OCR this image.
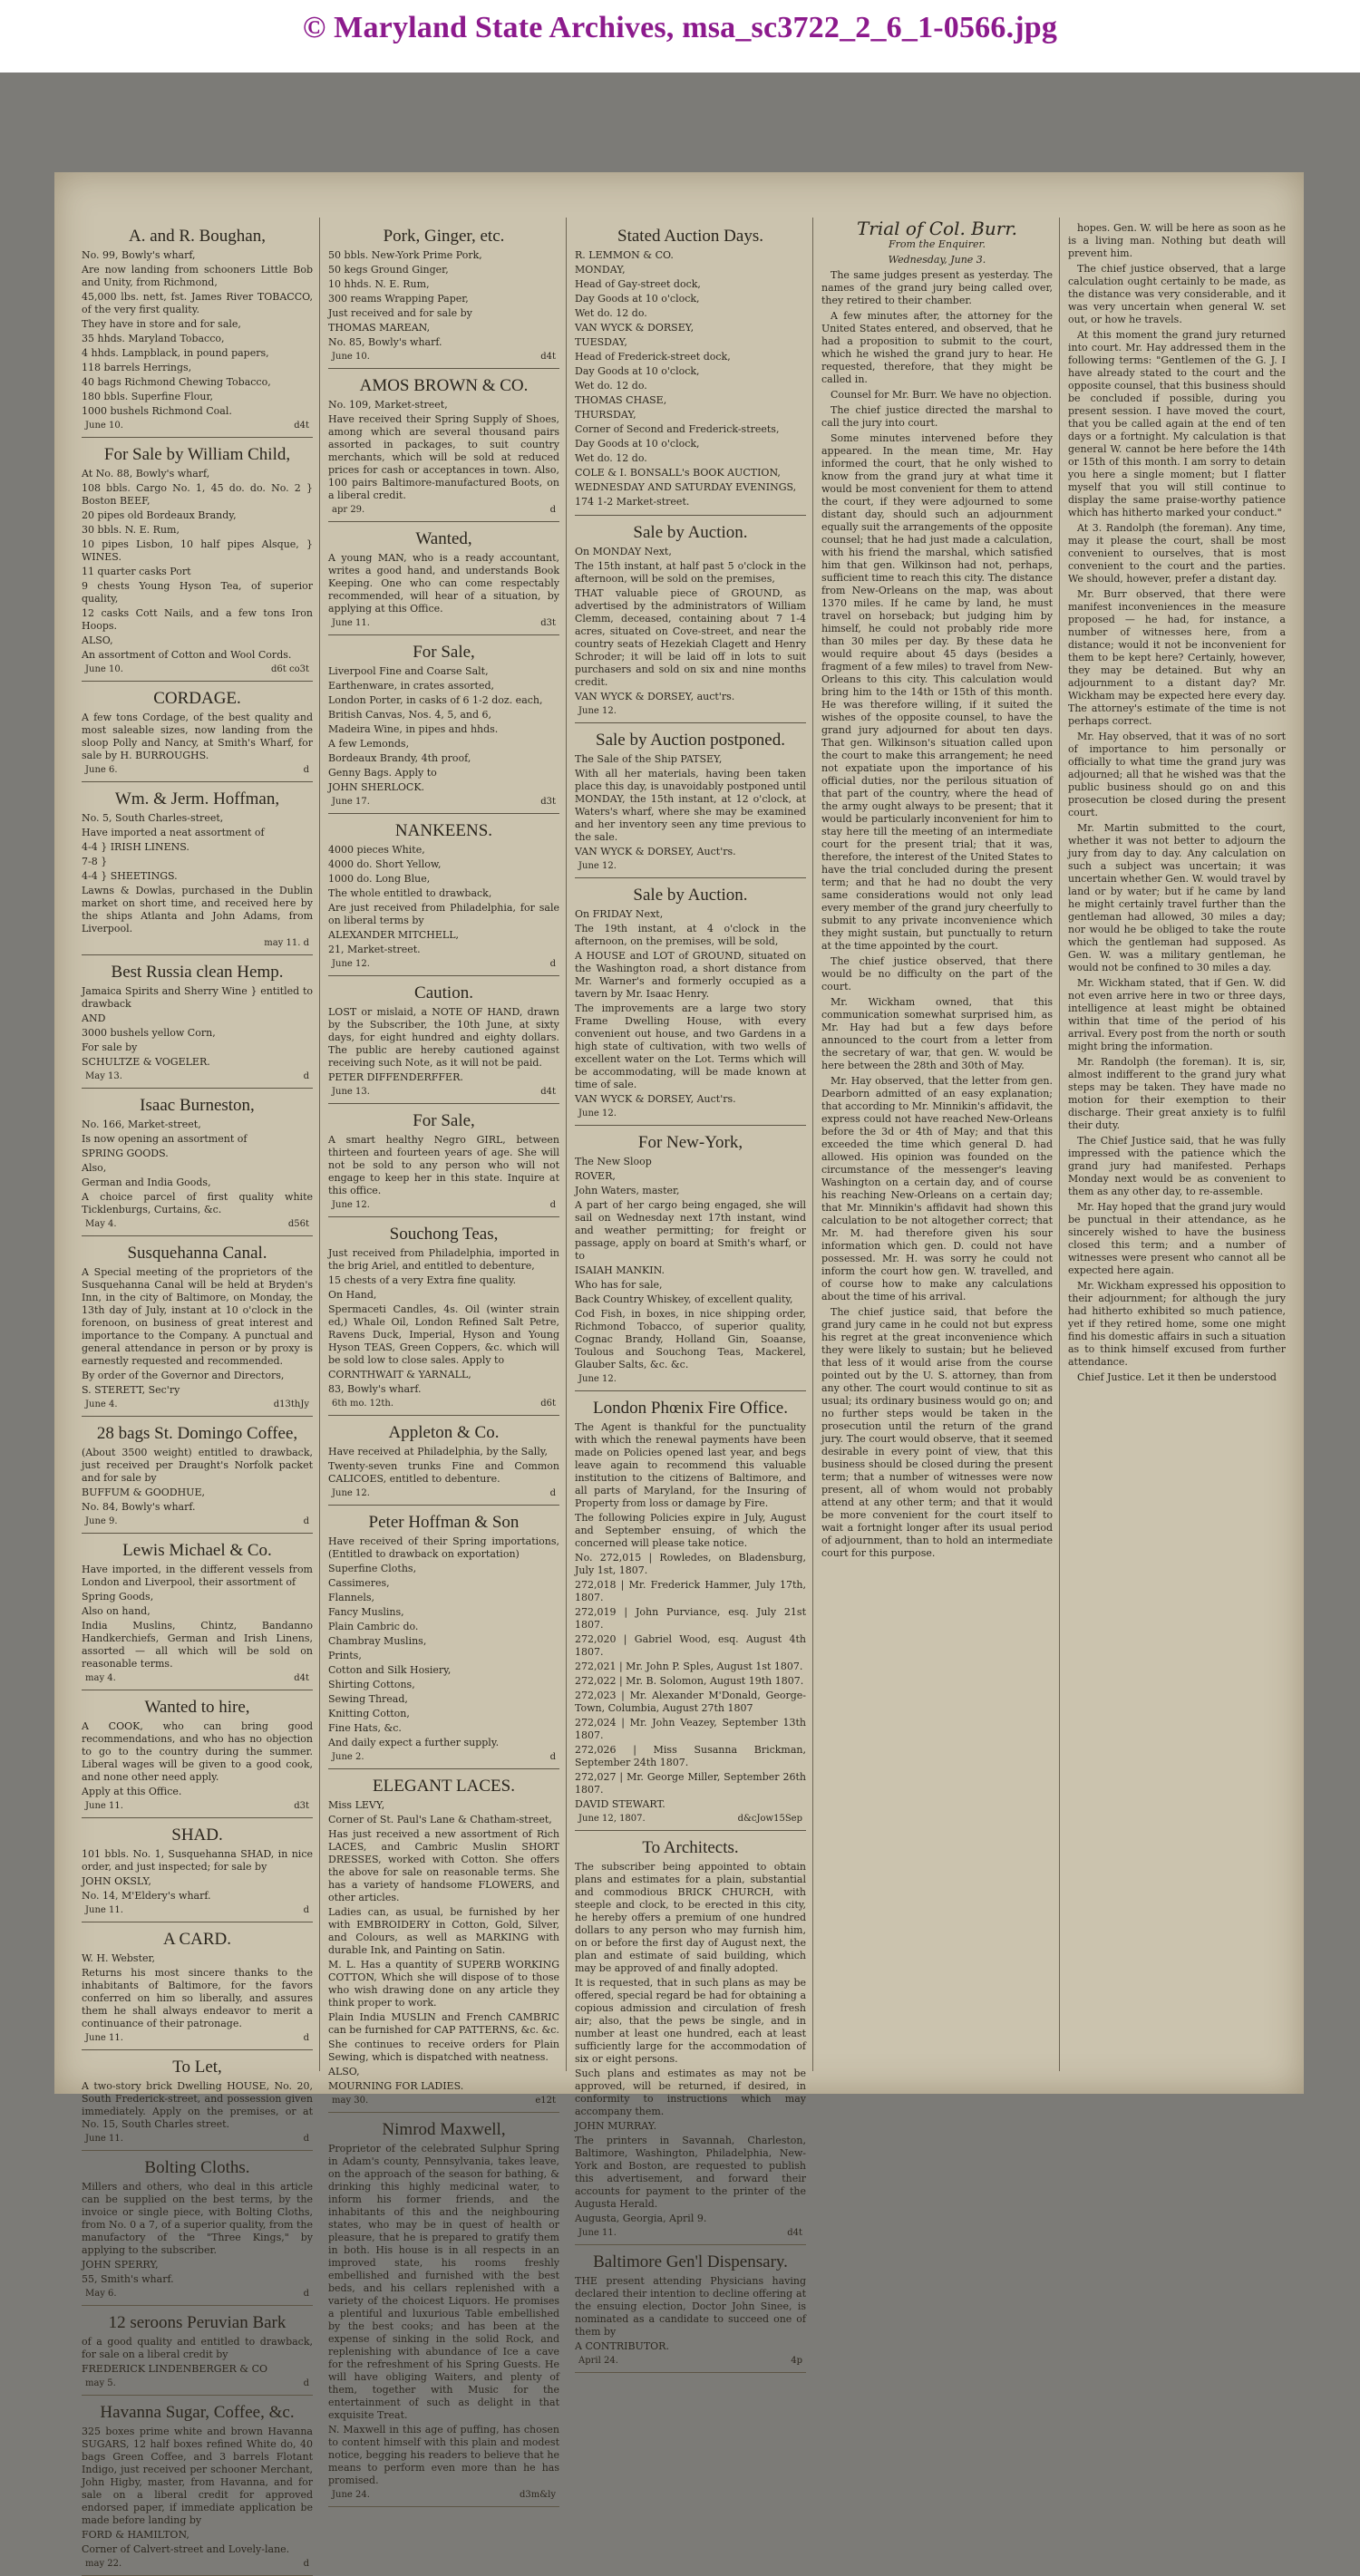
© Maryland State Archives, msa_sc3722_2_6_1-0566.jpg
A. and R. Boughan,

No. 99, Bowly's wharf,

Are now landing from schooners Little Bob and Unity, from Richmond,

45,000 lbs. nett, fst. James River TOBACCO, of the very first quality.

They have in store and for sale,

35 hhds. Maryland Tobacco,

4 hhds. Lampblack, in pound papers,

118 barrels Herrings,

40 bags Richmond Chewing Tobacco,

180 bbls. Superfine Flour,

1000 bushels Richmond Coal.

June 10.	d4t
For Sale by William Child,

At No. 88, Bowly's wharf,

108 bbls. Cargo No. 1, 45 do. do. No. 2 } Boston BEEF,

20 pipes old Bordeaux Brandy,

30 bbls. N. E. Rum,

10 pipes Lisbon, 10 half pipes Alsque, } WINES.

11 quarter casks Port

9 chests Young Hyson Tea, of superior quality,

12 casks Cott Nails, and a few tons Iron Hoops.

ALSO,

An assortment of Cotton and Wool Cords.

June 10.	d6t co3t
CORDAGE.

A few tons Cordage, of the best quality and most saleable sizes, now landing from the sloop Polly and Nancy, at Smith's Wharf, for sale by H. BURROUGHS.

June 6.	d
Wm. & Jerm. Hoffman,

No. 5, South Charles-street,

Have imported a neat assortment of

4-4 } IRISH LINENS.

7-8 }

4-4 } SHEETINGS.

Lawns & Dowlas, purchased in the Dublin market on short time, and received here by the ships Atlanta and John Adams, from Liverpool.

may 11. d
Best Russia clean Hemp.

Jamaica Spirits and Sherry Wine } entitled to drawback

AND

3000 bushels yellow Corn,

For sale by

SCHULTZE & VOGELER.

May 13.	d
Isaac Burneston,

No. 166, Market-street,

Is now opening an assortment of

SPRING GOODS.

Also,

German and India Goods,

A choice parcel of first quality white Ticklenburgs, Curtains, &c.

May 4.	d56t
Susquehanna Canal.

A Special meeting of the proprietors of the Susquehanna Canal will be held at Bryden's Inn, in the city of Baltimore, on Monday, the 13th day of July, instant at 10 o'clock in the forenoon, on business of great interest and importance to the Company. A punctual and general attendance in person or by proxy is earnestly requested and recommended.

By order of the Governor and Directors,

S. STERETT, Sec'ry

June 4.	d13thJy
28 bags St. Domingo Coffee,

(About 3500 weight) entitled to drawback, just received per Draught's Norfolk packet and for sale by

BUFFUM & GOODHUE,

No. 84, Bowly's wharf.

June 9.	d
Lewis Michael & Co.

Have imported, in the different vessels from London and Liverpool, their assortment of

Spring Goods,

Also on hand,

India Muslins, Chintz, Bandanno Handkerchiefs, German and Irish Linens, assorted — all which will be sold on reasonable terms.

may 4.	d4t
Wanted to hire,

A COOK, who can bring good recommendations, and who has no objection to go to the country during the summer. Liberal wages will be given to a good cook, and none other need apply.

Apply at this Office.

June 11.	d3t
SHAD.

101 bbls. No. 1, Susquehanna SHAD, in nice order, and just inspected; for sale by

JOHN OKSLY,

No. 14, M'Eldery's wharf.

June 11.	d
A CARD.

W. H. Webster,

Returns his most sincere thanks to the inhabitants of Baltimore, for the favors conferred on him so liberally, and assures them he shall always endeavor to merit a continuance of their patronage.

June 11.	d
To Let,

A two-story brick Dwelling HOUSE, No. 20, South Frederick-street, and possession given immediately. Apply on the premises, or at No. 15, South Charles street.

June 11.	d
Bolting Cloths.

Millers and others, who deal in this article can be supplied on the best terms, by the invoice or single piece, with Bolting Cloths, from No. 0 a 7, of a superior quality, from the manufactory of the "Three Kings," by applying to the subscriber.

JOHN SPERRY,

55, Smith's wharf.

May 6.	d
12 seroons Peruvian Bark

of a good quality and entitled to drawback, for sale on a liberal credit by

FREDERICK LINDENBERGER & CO

may 5.	d
Havanna Sugar, Coffee, &c.

325 boxes prime white and brown Havanna SUGARS, 12 half boxes refined White do, 40 bags Green Coffee, and 3 barrels Flotant Indigo, just received per schooner Merchant, John Higby, master, from Havanna, and for sale on a liberal credit for approved endorsed paper, if immediate application be made before landing by

FORD & HAMILTON,

Corner of Calvert-street and Lovely-lane.

may 22.	d
Pork, Ginger, etc.

50 bbls. New-York Prime Pork,

50 kegs Ground Ginger,

10 hhds. N. E. Rum,

300 reams Wrapping Paper,

Just received and for sale by

THOMAS MAREAN,

No. 85, Bowly's wharf.

June 10.	d4t
AMOS BROWN & CO.

No. 109, Market-street,

Have received their Spring Supply of Shoes, among which are several thousand pairs assorted in packages, to suit country merchants, which will be sold at reduced prices for cash or acceptances in town. Also, 100 pairs Baltimore-manufactured Boots, on a liberal credit.

apr 29.	d
Wanted,

A young MAN, who is a ready accountant, writes a good hand, and understands Book Keeping. One who can come respectably recommended, will hear of a situation, by applying at this Office.

June 11.	d3t
For Sale,

Liverpool Fine and Coarse Salt,

Earthenware, in crates assorted,

London Porter, in casks of 6 1-2 doz. each,

British Canvas, Nos. 4, 5, and 6,

Madeira Wine, in pipes and hhds.

A few Lemonds,

Bordeaux Brandy, 4th proof,

Genny Bags. Apply to

JOHN SHERLOCK.

June 17.	d3t
NANKEENS.

4000 pieces White,

4000 do. Short Yellow,

1000 do. Long Blue,

The whole entitled to drawback,

Are just received from Philadelphia, for sale on liberal terms by

ALEXANDER MITCHELL,

21, Market-street.

June 12.	d
Caution.

LOST or mislaid, a NOTE OF HAND, drawn by the Subscriber, the 10th June, at sixty days, for eight hundred and eighty dollars. The public are hereby cautioned against receiving such Note, as it will not be paid.

PETER DIFFENDERFFER.

June 13.	d4t
For Sale,

A smart healthy Negro GIRL, between thirteen and fourteen years of age. She will not be sold to any person who will not engage to keep her in this state. Inquire at this office.

June 12.	d
Souchong Teas,

Just received from Philadelphia, imported in the brig Ariel, and entitled to debenture,

15 chests of a very Extra fine quality.

On Hand,

Spermaceti Candles, 4s. Oil (winter strain ed,) Whale Oil, London Refined Salt Petre, Ravens Duck, Imperial, Hyson and Young Hyson TEAS, Green Coppers, &c. which will be sold low to close sales. Apply to

CORNTHWAIT & YARNALL,

83, Bowly's wharf.

6th mo. 12th.	d6t
Appleton & Co.

Have received at Philadelphia, by the Sally,

Twenty-seven trunks Fine and Common CALICOES, entitled to debenture.

June 12.	d
Peter Hoffman & Son

Have received of their Spring importations, (Entitled to drawback on exportation)

Superfine Cloths,

Cassimeres,

Flannels,

Fancy Muslins,

Plain Cambric do.

Chambray Muslins,

Prints,

Cotton and Silk Hosiery,

Shirting Cottons,

Sewing Thread,

Knitting Cotton,

Fine Hats, &c.

And daily expect a further supply.

June 2.	d
ELEGANT LACES.

Miss LEVY,

Corner of St. Paul's Lane & Chatham-street,

Has just received a new assortment of Rich LACES, and Cambric Muslin SHORT DRESSES, worked with Cotton. She offers the above for sale on reasonable terms. She has a variety of handsome FLOWERS, and other articles.

Ladies can, as usual, be furnished by her with EMBROIDERY in Cotton, Gold, Silver, and Colours, as well as MARKING with durable Ink, and Painting on Satin.

M. L. Has a quantity of SUPERB WORKING COTTON, Which she will dispose of to those who wish drawing done on any article they think proper to work.

Plain India MUSLIN and French CAMBRIC can be furnished for CAP PATTERNS, &c. &c.

She continues to receive orders for Plain Sewing, which is dispatched with neatness.

ALSO,

MOURNING FOR LADIES.

may 30.	e12t
Nimrod Maxwell,

Proprietor of the celebrated Sulphur Spring in Adam's county, Pennsylvania, takes leave, on the approach of the season for bathing, & drinking this highly medicinal water, to inform his former friends, and the inhabitants of this and the neighbouring states, who may be in quest of health or pleasure, that he is prepared to gratify them in both. His house is in all respects in an improved state, his rooms freshly embellished and furnished with the best beds, and his cellars replenished with a variety of the choicest Liquors. He promises a plentiful and luxurious Table embellished by the best cooks; and has been at the expense of sinking in the solid Rock, and replenishing with abundance of Ice a cave for the refreshment of his Spring Guests. He will have obliging Waiters, and plenty of them, together with Music for the entertainment of such as delight in that exquisite Treat.

N. Maxwell in this age of puffing, has chosen to content himself with this plain and modest notice, begging his readers to believe that he means to perform even more than he has promised.

June 24.	d3m&ly
Stated Auction Days.

R. LEMMON & CO.

MONDAY,

Head of Gay-street dock,

Day Goods at 10 o'clock,

Wet do. 12 do.

VAN WYCK & DORSEY,

TUESDAY,

Head of Frederick-street dock,

Day Goods at 10 o'clock,

Wet do. 12 do.

THOMAS CHASE,

THURSDAY,

Corner of Second and Frederick-streets,

Day Goods at 10 o'clock,

Wet do. 12 do.

COLE & I. BONSALL's BOOK AUCTION,

WEDNESDAY AND SATURDAY EVENINGS,

174 1-2 Market-street.

Sale by Auction.

On MONDAY Next,

The 15th instant, at half past 5 o'clock in the afternoon, will be sold on the premises,

THAT valuable piece of GROUND, as advertised by the administrators of William Clemm, deceased, containing about 7 1-4 acres, situated on Cove-street, and near the country seats of Hezekiah Clagett and Henry Schroder; it will be laid off in lots to suit purchasers and sold on six and nine months credit.

VAN WYCK & DORSEY, auct'rs.

June 12.
Sale by Auction postponed.

The Sale of the Ship PATSEY,

With all her materials, having been taken place this day, is unavoidably postponed until MONDAY, the 15th instant, at 12 o'clock, at Waters's wharf, where she may be examined and her inventory seen any time previous to the sale.

VAN WYCK & DORSEY, Auct'rs.

June 12.
Sale by Auction.

On FRIDAY Next,

The 19th instant, at 4 o'clock in the afternoon, on the premises, will be sold,

A HOUSE and LOT of GROUND, situated on the Washington road, a short distance from Mr. Warner's and formerly occupied as a tavern by Mr. Isaac Henry.

The improvements are a large two story Frame Dwelling House, with every convenient out house, and two Gardens in a high state of cultivation, with two wells of excellent water on the Lot. Terms which will be accommodating, will be made known at time of sale.

VAN WYCK & DORSEY, Auct'rs.

June 12.
For New-York,

The New Sloop

ROVER,

John Waters, master,

A part of her cargo being engaged, she will sail on Wednesday next 17th instant, wind and weather permitting; for freight or passage, apply on board at Smith's wharf, or to

ISAIAH MANKIN.

Who has for sale,

Back Country Whiskey, of excellent quality,

Cod Fish, in boxes, in nice shipping order, Richmond Tobacco, of superior quality, Cognac Brandy, Holland Gin, Soaanse, Toulous and Souchong Teas, Mackerel, Glauber Salts, &c. &c.

June 12.
London Phœnix Fire Office.

The Agent is thankful for the punctuality with which the renewal payments have been made on Policies opened last year, and begs leave again to recommend this valuable institution to the citizens of Baltimore, and all parts of Maryland, for the Insuring of Property from loss or damage by Fire.

The following Policies expire in July, August and September ensuing, of which the concerned will please take notice.

No. 272,015 | Rowledes, on Bladensburg, July 1st, 1807.

272,018 | Mr. Frederick Hammer, July 17th, 1807.

272,019 | John Purviance, esq. July 21st 1807.

272,020 | Gabriel Wood, esq. August 4th 1807.

272,021 | Mr. John P. Sples, August 1st 1807.

272,022 | Mr. B. Solomon, August 19th 1807.

272,023 | Mr. Alexander M'Donald, George-Town, Columbia, August 27th 1807

272,024 | Mr. John Veazey, September 13th 1807.

272,026 | Miss Susanna Brickman, September 24th 1807.

272,027 | Mr. George Miller, September 26th 1807.

DAVID STEWART.

June 12, 1807.	d&cJow15Sep
To Architects.

The subscriber being appointed to obtain plans and estimates for a plain, substantial and commodious BRICK CHURCH, with steeple and clock, to be erected in this city, he hereby offers a premium of one hundred dollars to any person who may furnish him, on or before the first day of August next, the plan and estimate of said building, which may be approved of and finally adopted.

It is requested, that in such plans as may be offered, special regard be had for obtaining a copious admission and circulation of fresh air; also, that the pews be single, and in number at least one hundred, each at least sufficiently large for the accommodation of six or eight persons.

Such plans and estimates as may not be approved, will be returned, if desired, in conformity to instructions which may accompany them.

JOHN MURRAY.

The printers in Savannah, Charleston, Baltimore, Washington, Philadelphia, New-York and Boston, are requested to publish this advertisement, and forward their accounts for payment to the printer of the Augusta Herald.

Augusta, Georgia, April 9.

June 11.	d4t
Baltimore Gen'l Dispensary.

THE present attending Physicians having declared their intention to decline offering at the ensuing election, Doctor John Sinee, is nominated as a candidate to succeed one of them by

A CONTRIBUTOR.

April 24.	4p
Trial of Col. Burr.

From the Enquirer.

Wednesday, June 3.

The same judges present as yesterday. The names of the grand jury being called over, they retired to their chamber.

A few minutes after, the attorney for the United States entered, and observed, that he had a proposition to submit to the court, which he wished the grand jury to hear. He requested, therefore, that they might be called in.

Counsel for Mr. Burr. We have no objection.

The chief justice directed the marshal to call the jury into court.

Some minutes intervened before they appeared. In the mean time, Mr. Hay informed the court, that he only wished to know from the grand jury at what time it would be most convenient for them to attend the court, if they were adjourned to some distant day, should such an adjournment equally suit the arrangements of the opposite counsel; that he had just made a calculation, with his friend the marshal, which satisfied him that gen. Wilkinson had not, perhaps, sufficient time to reach this city. The distance from New-Orleans on the map, was about 1370 miles. If he came by land, he must travel on horseback; but judging him by himself, he could not probably ride more than 30 miles per day. By these data he would require about 45 days (besides a fragment of a few miles) to travel from New-Orleans to this city. This calculation would bring him to the 14th or 15th of this month. He was therefore willing, if it suited the wishes of the opposite counsel, to have the grand jury adjourned for about ten days. That gen. Wilkinson's situation called upon the court to make this arrangement; he need not expatiate upon the importance of his official duties, nor the perilous situation of that part of the country, where the head of the army ought always to be present; that it would be particularly inconvenient for him to stay here till the meeting of an intermediate court for the present trial; that it was, therefore, the interest of the United States to have the trial concluded during the present term; and that he had no doubt the very same considerations would not only lead every member of the grand jury cheerfully to submit to any private inconvenience which they might sustain, but punctually to return at the time appointed by the court.

The chief justice observed, that there would be no difficulty on the part of the court.

Mr. Wickham owned, that this communication somewhat surprised him, as Mr. Hay had but a few days before announced to the court from a letter from the secretary of war, that gen. W. would be here between the 28th and 30th of May.

Mr. Hay observed, that the letter from gen. Dearborn admitted of an easy explanation; that according to Mr. Minnikin's affidavit, the express could not have reached New-Orleans before the 3d or 4th of May; and that this exceeded the time which general D. had allowed. His opinion was founded on the circumstance of the messenger's leaving Washington on a certain day, and of course his reaching New-Orleans on a certain day; that Mr. Minnikin's affidavit had shown this calculation to be not altogether correct; that Mr. M. had therefore given his sour information which gen. D. could not have possessed. Mr. H. was sorry he could not inform the court how gen. W. travelled, and of course how to make any calculations about the time of his arrival.

The chief justice said, that before the grand jury came in he could not but express his regret at the great inconvenience which they were likely to sustain; but he believed that less of it would arise from the course pointed out by the U. S. attorney, than from any other. The court would continue to sit as usual; its ordinary business would go on; and no further steps would be taken in the prosecution until the return of the grand jury. The court would observe, that it seemed desirable in every point of view, that this business should be closed during the present term; that a number of witnesses were now present, all of whom would not probably attend at any other term; and that it would be more convenient for the court itself to wait a fortnight longer after its usual period of adjournment, than to hold an intermediate court for this purpose.

hopes. Gen. W. will be here as soon as he is a living man. Nothing but death will prevent him.

The chief justice observed, that a large calculation ought certainly to be made, as the distance was very considerable, and it was very uncertain when general W. set out, or how he travels.

At this moment the grand jury returned into court. Mr. Hay addressed them in the following terms: "Gentlemen of the G. J. I have already stated to the court and the opposite counsel, that this business should be concluded if possible, during you present session. I have moved the court, that you be called again at the end of ten days or a fortnight. My calculation is that general W. cannot be here before the 14th or 15th of this month. I am sorry to detain you here a single moment; but I flatter myself that you will still continue to display the same praise-worthy patience which has hitherto marked your conduct."

At 3. Randolph (the foreman). Any time, may it please the court, shall be most convenient to ourselves, that is most convenient to the court and the parties. We should, however, prefer a distant day.

Mr. Burr observed, that there were manifest inconveniences in the measure proposed — he had, for instance, a number of witnesses here, from a distance; would it not be inconvenient for them to be kept here? Certainly, however, they may be detained. But why an adjournment to a distant day? Mr. Wickham may be expected here every day. The attorney's estimate of the time is not perhaps correct.

Mr. Hay observed, that it was of no sort of importance to him personally or officially to what time the grand jury was adjourned; all that he wished was that the public business should go on and this prosecution be closed during the present court.

Mr. Martin submitted to the court, whether it was not better to adjourn the jury from day to day. Any calculation on such a subject was uncertain; it was uncertain whether Gen. W. would travel by land or by water; but if he came by land he might certainly travel further than the gentleman had allowed, 30 miles a day; nor would he be obliged to take the route which the gentleman had supposed. As Gen. W. was a military gentleman, he would not be confined to 30 miles a day.

Mr. Wickham stated, that if Gen. W. did not even arrive here in two or three days, intelligence at least might be obtained within that time of the period of his arrival. Every post from the north or south might bring the information.

Mr. Randolph (the foreman). It is, sir, almost indifferent to the grand jury what steps may be taken. They have made no motion for their exemption to their discharge. Their great anxiety is to fulfil their duty.

The Chief Justice said, that he was fully impressed with the patience which the grand jury had manifested. Perhaps Monday next would be as convenient to them as any other day, to re-assemble.

Mr. Hay hoped that the grand jury would be punctual in their attendance, as he sincerely wished to have the business closed this term; and a number of witnesses were present who cannot all be expected here again.

Mr. Wickham expressed his opposition to their adjournment; for although the jury had hitherto exhibited so much patience, yet if they retired home, some one might find his domestic affairs in such a situation as to think himself excused from further attendance.

Chief Justice. Let it then be understood
